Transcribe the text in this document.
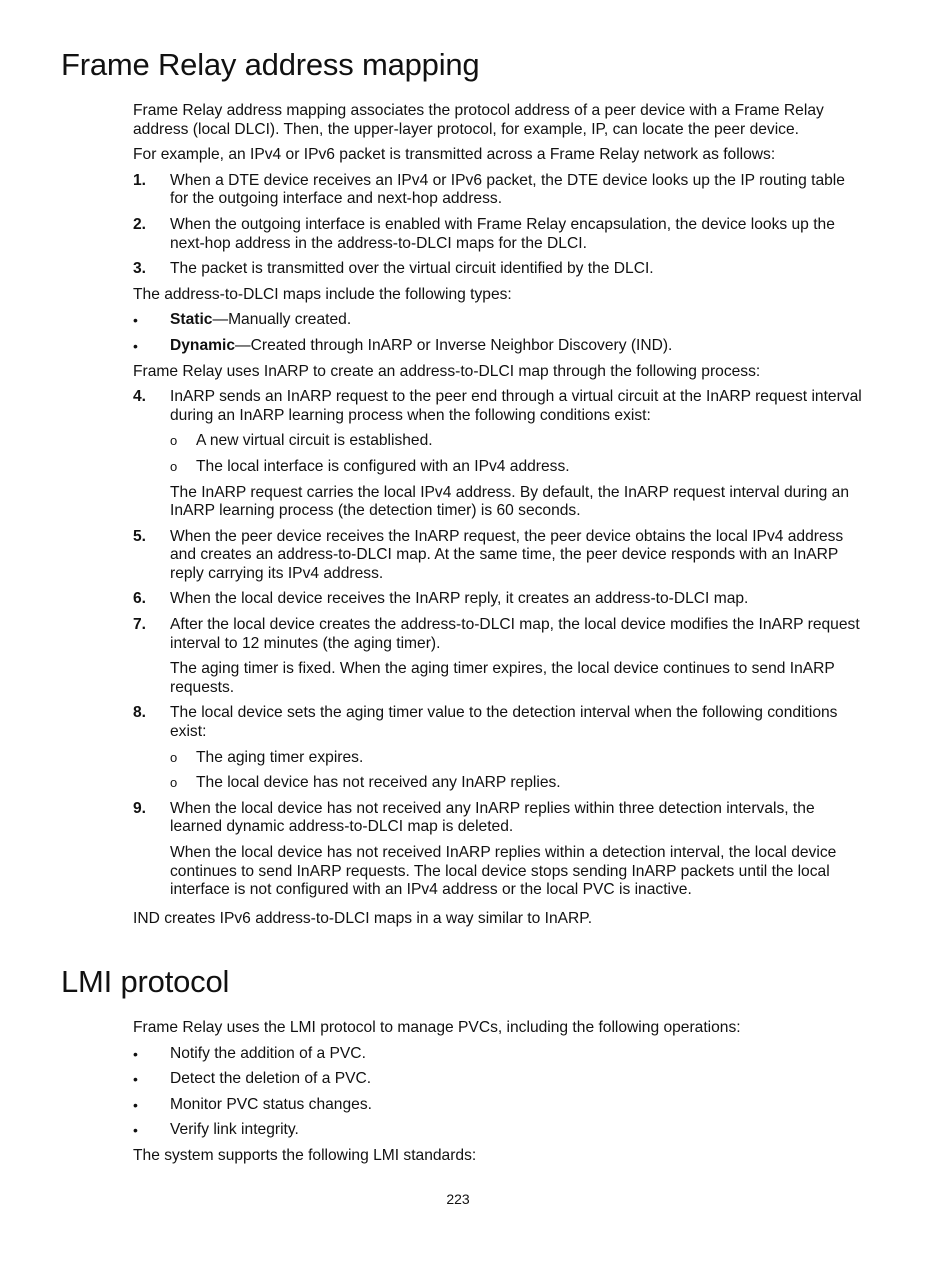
Frame Relay address mapping

Frame Relay address mapping associates the protocol address of a peer device with a Frame Relay address (local DLCI). Then, the upper-layer protocol, for example, IP, can locate the peer device.

For example, an IPv4 or IPv6 packet is transmitted across a Frame Relay network as follows:

1. When a DTE device receives an IPv4 or IPv6 packet, the DTE device looks up the IP routing table for the outgoing interface and next-hop address.
2. When the outgoing interface is enabled with Frame Relay encapsulation, the device looks up the next-hop address in the address-to-DLCI maps for the DLCI.
3. The packet is transmitted over the virtual circuit identified by the DLCI.

The address-to-DLCI maps include the following types:

• Static—Manually created.
• Dynamic—Created through InARP or Inverse Neighbor Discovery (IND).

Frame Relay uses InARP to create an address-to-DLCI map through the following process:

4. InARP sends an InARP request to the peer end through a virtual circuit at the InARP request interval during an InARP learning process when the following conditions exist:
o A new virtual circuit is established.
o The local interface is configured with an IPv4 address.

The InARP request carries the local IPv4 address. By default, the InARP request interval during an InARP learning process (the detection timer) is 60 seconds.

5. When the peer device receives the InARP request, the peer device obtains the local IPv4 address and creates an address-to-DLCI map. At the same time, the peer device responds with an InARP reply carrying its IPv4 address.
6. When the local device receives the InARP reply, it creates an address-to-DLCI map.
7. After the local device creates the address-to-DLCI map, the local device modifies the InARP request interval to 12 minutes (the aging timer).

The aging timer is fixed. When the aging timer expires, the local device continues to send InARP requests.

8. The local device sets the aging timer value to the detection interval when the following conditions exist:
o The aging timer expires.
o The local device has not received any InARP replies.
9. When the local device has not received any InARP replies within three detection intervals, the learned dynamic address-to-DLCI map is deleted.

When the local device has not received InARP replies within a detection interval, the local device continues to send InARP requests. The local device stops sending InARP packets until the local interface is not configured with an IPv4 address or the local PVC is inactive.

IND creates IPv6 address-to-DLCI maps in a way similar to InARP.

LMI protocol

Frame Relay uses the LMI protocol to manage PVCs, including the following operations:

• Notify the addition of a PVC.
• Detect the deletion of a PVC.
• Monitor PVC status changes.
• Verify link integrity.

The system supports the following LMI standards:

223
